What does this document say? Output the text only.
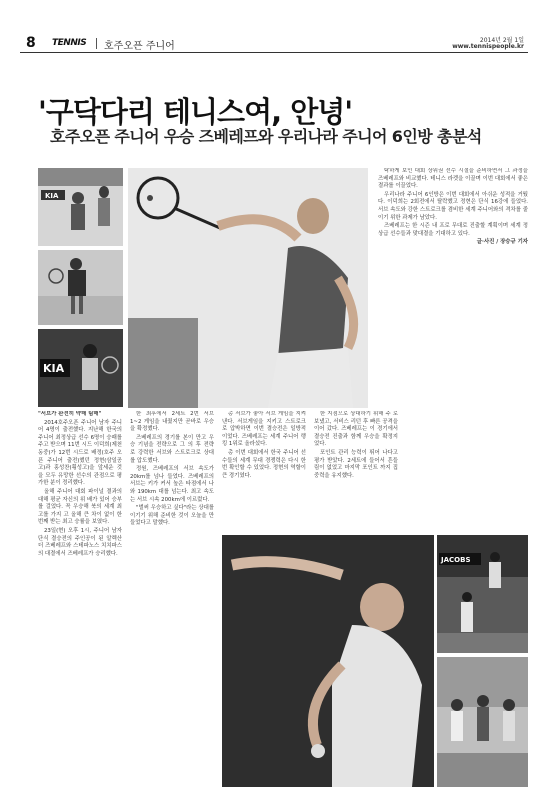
8 TENNIS 호주오픈 주니어
2014년 2월 1일
www.tennispeople.kr
'구닥다리 테니스여, 안녕'
호주오픈 주니어 우승 즈베레프와 우리나라 주니어 6인방 총분석
KIA
KIA

탁하게 보인 대회 상위권 선수 시절을 준비하면서 그 과정을 즈베레프와 비교했다. 테니스 라켓을 이끌며 이번 대회에서 좋은 결과를 이끌었다.

우리나라 주니어 6인방은 이번 대회에서 아쉬운 성적을 거뒀다. 이덕희는 2회전에서 탈락했고 정현은 단식 16강에 들었다. 서브 속도와 강한 스트로크를 겸비한 세계 주니어와의 격차를 줄이기 위한 과제가 남았다.

즈베레프는 한 시즌 내 프로 무대로 진출할 계획이며 세계 정상급 선수들과 맞대결을 기대하고 있다.

글·사진 / 장승규 기자

"서브가 완전히 약해 팀해"

2014호주오픈 주니어 남자 주니어 4명이 출전했다. 지난해 한국의 주니어 최정상급 선수 6명이 승패를 주고 받으며 11번 시드 이덕희(제천동중)가 12번 시드로 배정(호주 오픈 주니어 출전)했던 정현(삼일공고)과 홍성찬(횡성고)을 앞세운 것을 모두 유망한 선수의 관점으로 평가한 분이 정리했다.

올해 주니어 대회 파이널 결과의 대해 평균 자신의 위 배가 있어 승부를 걸었다. 꼭 우승해 북의 세계 최고를 가지 고 올해 큰 차이 없이 한 번째 받는 최고 승률을 보였다.

23일(현) 오후 1시, 주니어 남자 단식 결승전의 주인공이 된 알렉산더 즈베레프와 스테파노스 치치파스의 대결에서 즈베레프가 승리했다.

한 최후에서 2세트 2번 서브 1~2 게임을 내줬지만 곧바로 우승을 확정했다.

즈베레프의 경기를 본이 만고 우승 기념을 전략으로 그 의 후 전략 로 강력한 서브와 스트로크로 상대를 압도했다.

정원, 즈베레프의 서브 속도가 20km를 넘나 들었다. 즈베레프의 서브는 키가 커서 높은 타점에서 나와 190km 대를 넘는다. 최고 속도는 서브 시속 200km에 이르렀다.

"벌써 우승하고 싶다"라는 상대를 이기기 위해 준비한 것이 오늘을 만들었다고 말했다.

총 서브가 좋아 서브 게임을 지켜 낸다. 서브게임을 지키고 스트로크로 압박하면 이번 결승전은 일방적이었다. 즈베레프는 세계 주니어 랭킹 1위로 올라섰다.

총 이번 대회에서 한국 주니어 선수들의 세계 무대 경쟁력은 다시 한번 확인할 수 있었다. 정현의 역할이 큰 경기였다.

한 지점으로 상대하기 위해 주 로 보냈고, 서비스 리턴 후 빠른 공격을 이어 갔다. 즈베레프는 이 경기에서 결승전 진출과 함께 우승을 확정지었다.

포인트 관리 능력이 뛰어 나다고 평가 받았다. 2세트에 들어서 흔들림이 없었고 마지막 포인트 까지 집중력을 유지했다.

JACOBS
